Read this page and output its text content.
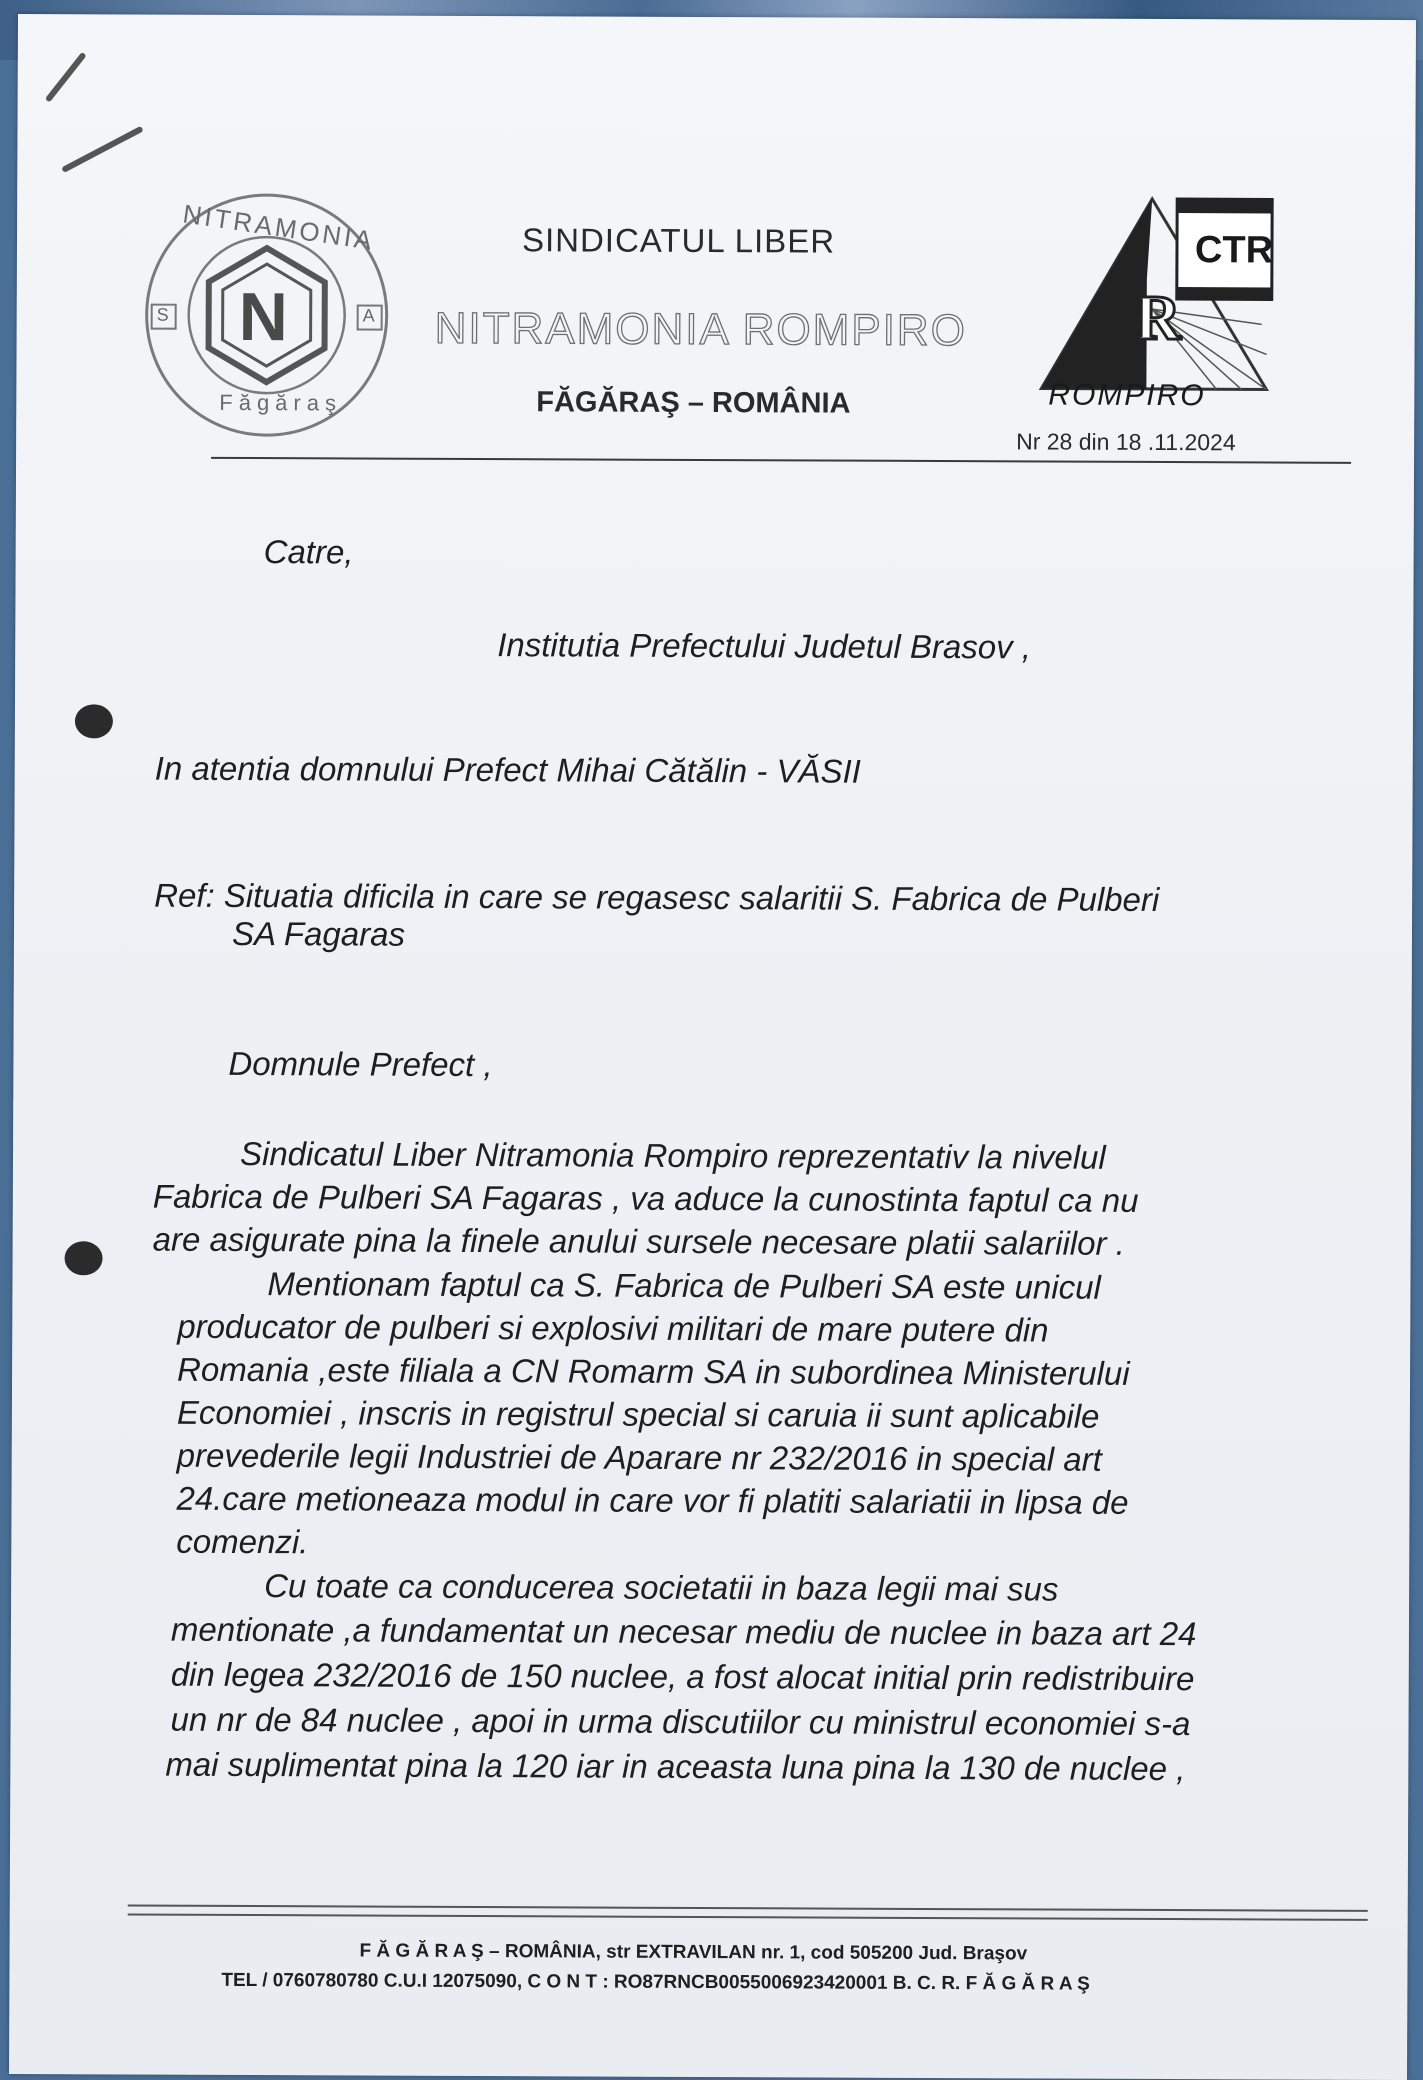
NITRAMONIA
N
S	A
Făgăraş
SINDICATUL LIBER
NITRAMONIA ROMPIRO
FĂGĂRAŞ – ROMÂNIA
R
CTR
ROMPIRO
Nr 28 din 18 .11.2024
Catre,
Institutia Prefectului Judetul Brasov ,
In atentia domnului Prefect Mihai Cătălin - VĂSII
Ref: Situatia dificila in care se regasesc salaritii S. Fabrica de Pulberi
SA Fagaras
Domnule Prefect ,
Sindicatul Liber Nitramonia Rompiro reprezentativ la nivelul
Fabrica de Pulberi SA Fagaras , va aduce la cunostinta faptul ca nu
are asigurate pina la finele anului sursele necesare platii salariilor .
Mentionam faptul ca S. Fabrica de Pulberi SA este unicul
producator de pulberi si explosivi militari de mare putere din
Romania ,este filiala a CN Romarm SA in subordinea Ministerului
Economiei , inscris in registrul special si caruia ii sunt aplicabile
prevederile legii Industriei de Aparare nr 232/2016 in special art
24.care metioneaza modul in care vor fi platiti salariatii in lipsa de
comenzi.
Cu toate ca conducerea societatii in baza legii mai sus
mentionate ,a fundamentat un necesar mediu de nuclee in baza art 24
din legea 232/2016 de 150 nuclee, a fost alocat initial prin redistribuire
un nr de 84 nuclee , apoi in urma discutiilor cu ministrul economiei s-a
mai suplimentat pina la 120 iar in aceasta luna pina la 130 de nuclee ,
F Ă G Ă R A Ş – ROMÂNIA, str EXTRAVILAN nr. 1, cod 505200 Jud. Braşov
TEL / 0760780780 C.U.I 12075090, C O N T : RO87RNCB0055006923420001 B. C. R. F Ă G Ă R A Ş
